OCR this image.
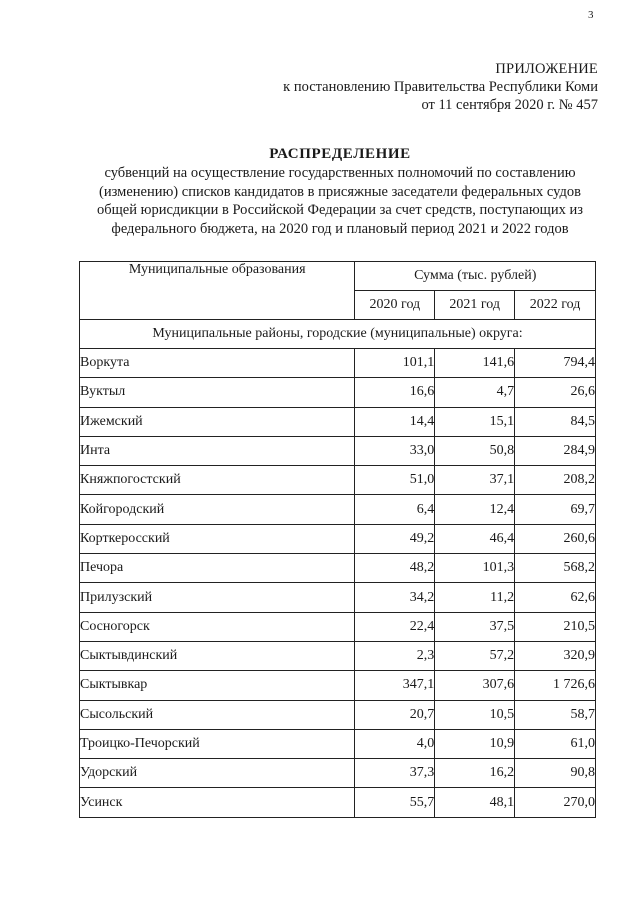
3
ПРИЛОЖЕНИЕ
к постановлению Правительства Республики Коми
от 11 сентября 2020 г. № 457
РАСПРЕДЕЛЕНИЕ
субвенций на осуществление государственных полномочий по составлению
(изменению) списков кандидатов в присяжные заседатели федеральных судов
общей юрисдикции в Российской Федерации за счет средств, поступающих из
федерального бюджета, на 2020 год и плановый период 2021 и 2022 годов
Муниципальные образования	Сумма (тыс. рублей)		
	2020 год	2021 год	2022 год
Муниципальные районы, городские (муниципальные) округа:			
Воркута	101,1	141,6	794,4
Вуктыл	16,6	4,7	26,6
Ижемский	14,4	15,1	84,5
Инта	33,0	50,8	284,9
Княжпогостский	51,0	37,1	208,2
Койгородский	6,4	12,4	69,7
Корткеросский	49,2	46,4	260,6
Печора	48,2	101,3	568,2
Прилузский	34,2	11,2	62,6
Сосногорск	22,4	37,5	210,5
Сыктывдинский	2,3	57,2	320,9
Сыктывкар	347,1	307,6	1 726,6
Сысольский	20,7	10,5	58,7
Троицко-Печорский	4,0	10,9	61,0
Удорский	37,3	16,2	90,8
Усинск	55,7	48,1	270,0
